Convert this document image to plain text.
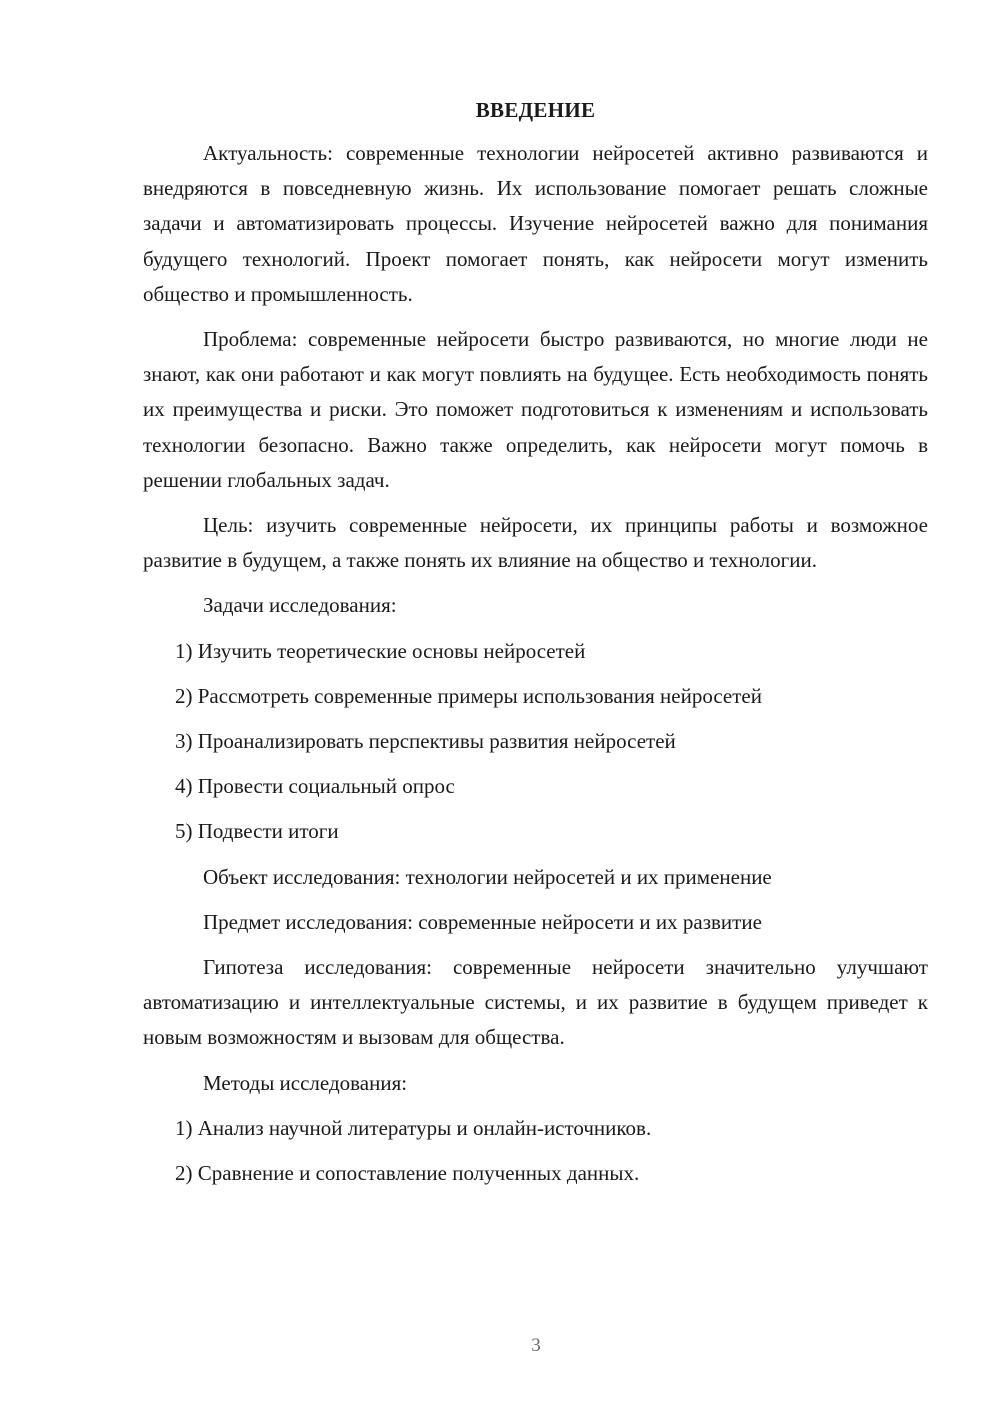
ВВЕДЕНИЕ

Актуальность: современные технологии нейросетей активно развиваются и внедряются в повседневную жизнь. Их использование помогает решать сложные задачи и автоматизировать процессы. Изучение нейросетей важно для понимания будущего технологий. Проект помогает понять, как нейросети могут изменить общество и промышленность.

Проблема: современные нейросети быстро развиваются, но многие люди не знают, как они работают и как могут повлиять на будущее. Есть необходимость понять их преимущества и риски. Это поможет подготовиться к изменениям и использовать технологии безопасно. Важно также определить, как нейросети могут помочь в решении глобальных задач.

Цель: изучить современные нейросети, их принципы работы и возможное развитие в будущем, а также понять их влияние на общество и технологии.

Задачи исследования:
1) Изучить теоретические основы нейросетей
2) Рассмотреть современные примеры использования нейросетей
3) Проанализировать перспективы развития нейросетей
4) Провести социальный опрос
5) Подвести итоги
Объект исследования: технологии нейросетей и их применение
Предмет исследования: современные нейросети и их развитие

Гипотеза исследования: современные нейросети значительно улучшают автоматизацию и интеллектуальные системы, и их развитие в будущем приведет к новым возможностям и вызовам для общества.

Методы исследования:
1) Анализ научной литературы и онлайн-источников.
2) Сравнение и сопоставление полученных данных.
3
